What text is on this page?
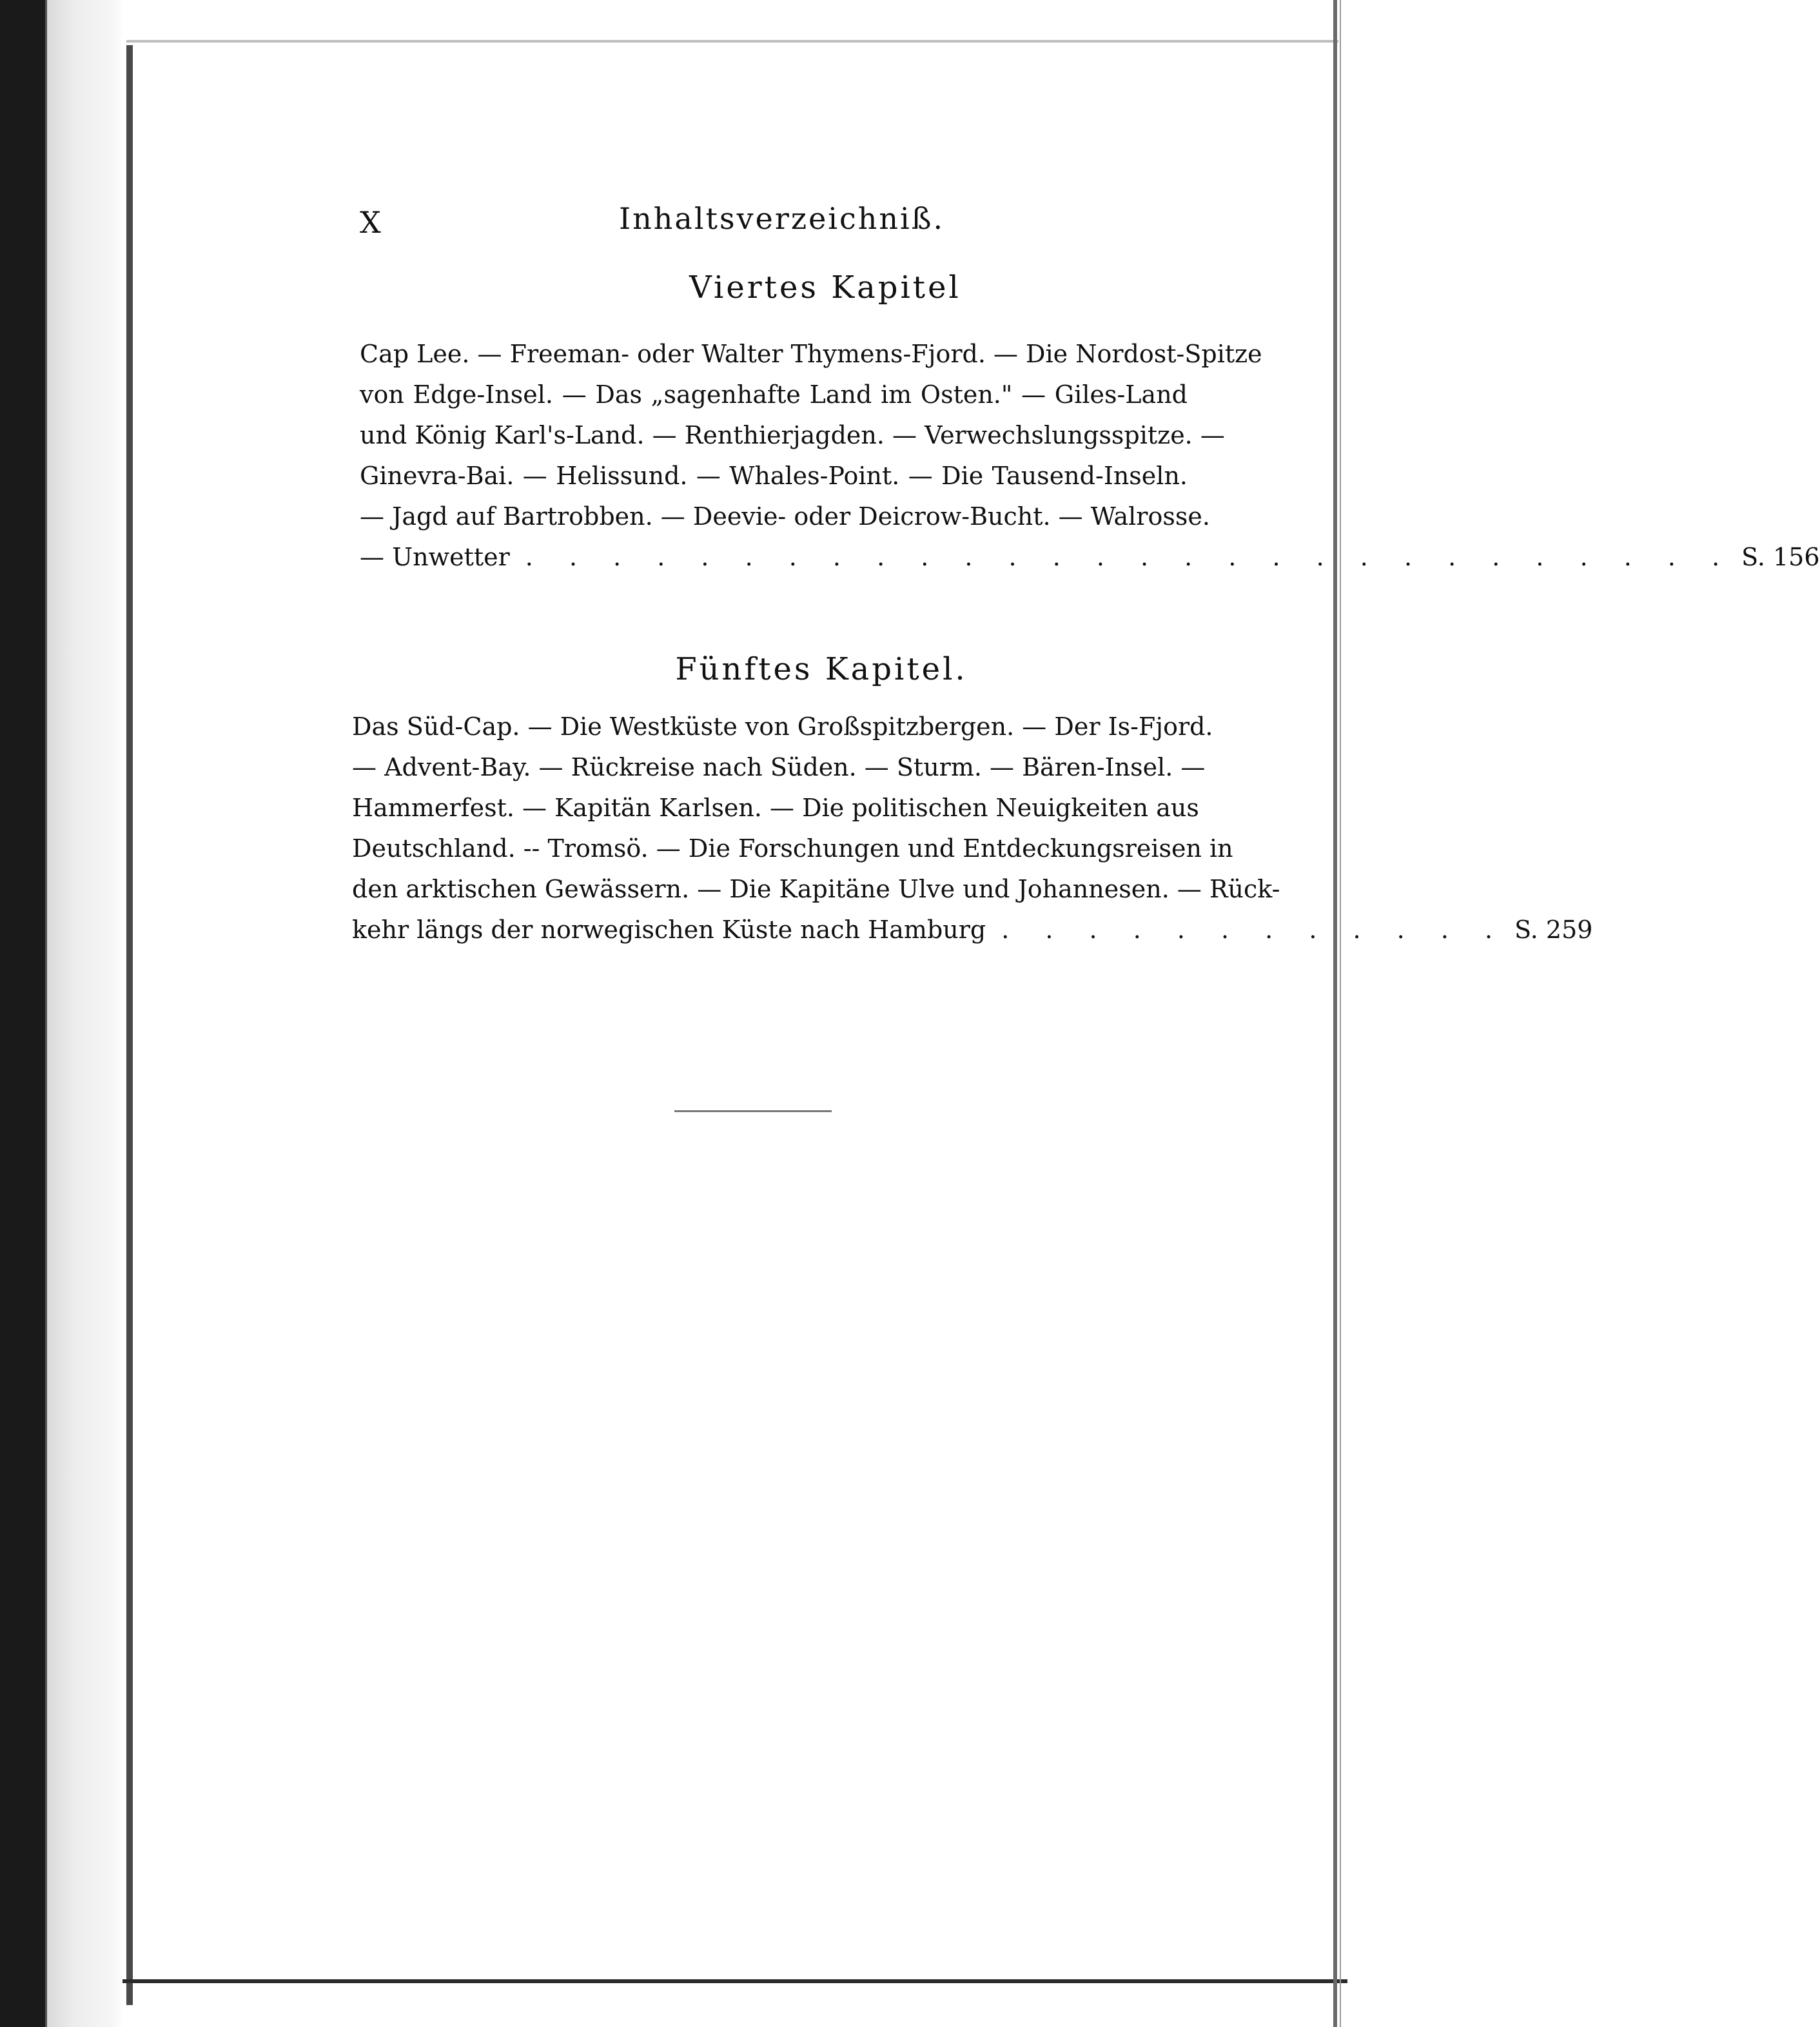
X	Inhaltsverzeichniß.
Viertes Kapitel
Cap Lee. — Freeman- oder Walter Thymens-Fjord. — Die Nordost-Spitze
von Edge-Insel. — Das „sagenhafte Land im Osten." — Giles-Land
und König Karl's-Land. — Renthierjagden. — Verwechslungsspitze. —
Ginevra-Bai. — Helissund. — Whales-Point. — Die Tausend-Inseln.
— Jagd auf Bartrobben. — Deevie- oder Deicrow-Bucht. — Walrosse.
— Unwetter . . . . . . . . . . . . . . . . . . . . . . . . . . . . S. 156
Fünftes Kapitel.
Das Süd-Cap. — Die Westküste von Großspitzbergen. — Der Is-Fjord.
— Advent-Bay. — Rückreise nach Süden. — Sturm. — Bären-Insel. —
Hammerfest. — Kapitän Karlsen. — Die politischen Neuigkeiten aus
Deutschland. -- Tromsö. — Die Forschungen und Entdeckungsreisen in
den arktischen Gewässern. — Die Kapitäne Ulve und Johannesen. — Rück-
kehr längs der norwegischen Küste nach Hamburg . . . . . . . . . . . . S. 259
